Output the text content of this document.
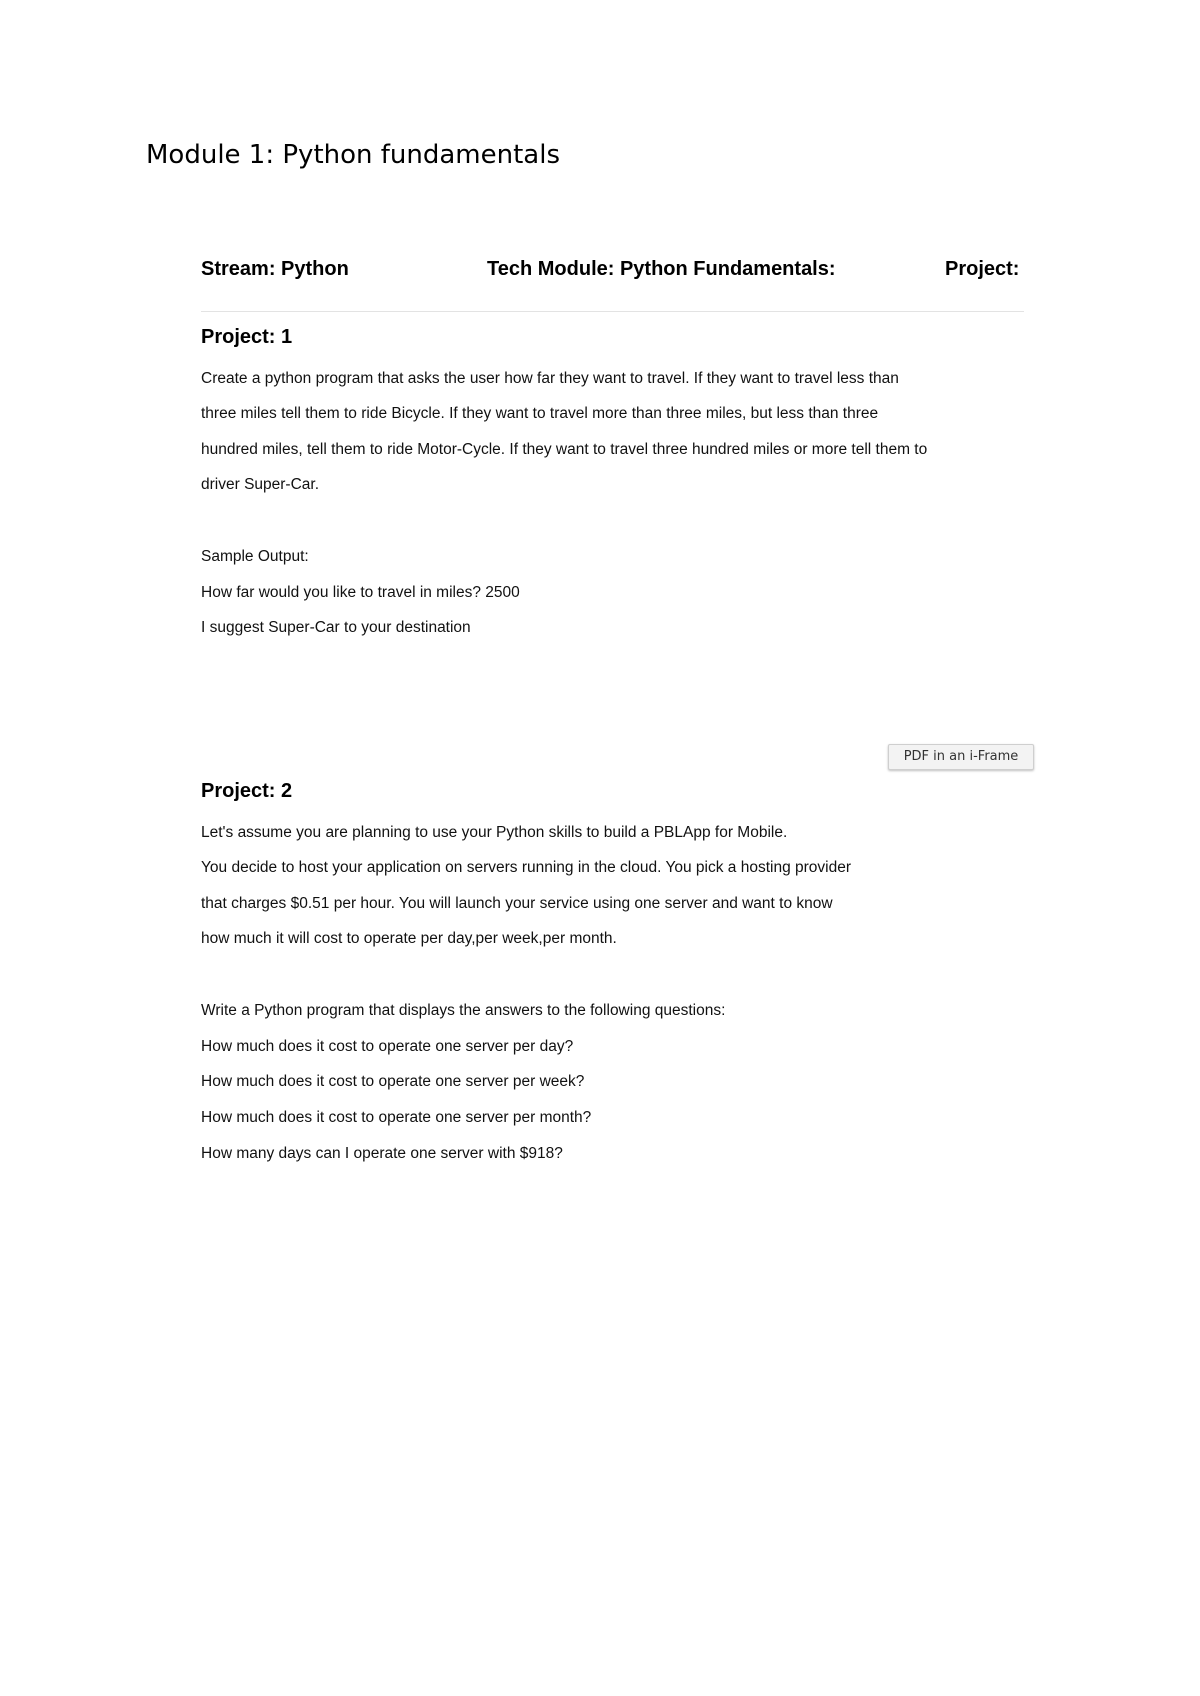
Module 1: Python fundamentals
Stream: Python	Tech Module: Python Fundamentals:	Project:
Project: 1
Create a python program that asks the user how far they want to travel. If they want to travel less than
three miles tell them to ride Bicycle. If they want to travel more than three miles, but less than three
hundred miles, tell them to ride Motor-Cycle. If they want to travel three hundred miles or more tell them to
driver Super-Car.
Sample Output:
How far would you like to travel in miles? 2500
I suggest Super-Car to your destination
PDF in an i-Frame
Project: 2
Let's assume you are planning to use your Python skills to build a PBLApp for Mobile.
You decide to host your application on servers running in the cloud. You pick a hosting provider
that charges $0.51 per hour. You will launch your service using one server and want to know
how much it will cost to operate per day,per week,per month.
Write a Python program that displays the answers to the following questions:
How much does it cost to operate one server per day?
How much does it cost to operate one server per week?
How much does it cost to operate one server per month?
How many days can I operate one server with $918?
